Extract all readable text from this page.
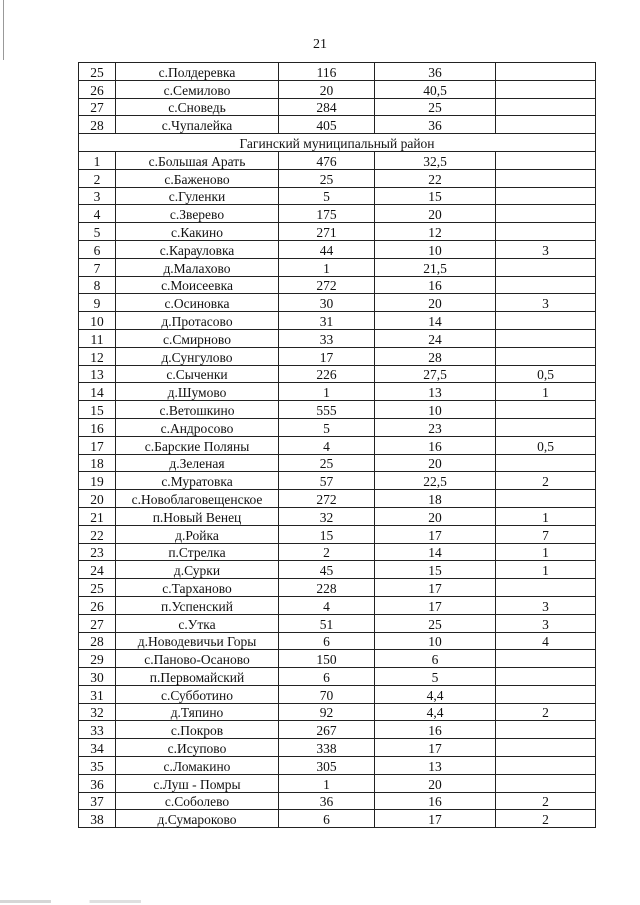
21
25	с.Полдеревка	116	36	
26	с.Семилово	20	40,5	
27	с.Сноведь	284	25	
28	с.Чупалейка	405	36	
Гагинский муниципальный район				
1	с.Большая Арать	476	32,5	
2	с.Баженово	25	22	
3	с.Гуленки	5	15	
4	с.Зверево	175	20	
5	с.Какино	271	12	
6	с.Карауловка	44	10	3
7	д.Малахово	1	21,5	
8	с.Моисеевка	272	16	
9	с.Осиновка	30	20	3
10	д.Протасово	31	14	
11	с.Смирново	33	24	
12	д.Сунгулово	17	28	
13	с.Сыченки	226	27,5	0,5
14	д.Шумово	1	13	1
15	с.Ветошкино	555	10	
16	с.Андросово	5	23	
17	с.Барские Поляны	4	16	0,5
18	д.Зеленая	25	20	
19	с.Муратовка	57	22,5	2
20	с.Новоблаговещенское	272	18	
21	п.Новый Венец	32	20	1
22	д.Ройка	15	17	7
23	п.Стрелка	2	14	1
24	д.Сурки	45	15	1
25	с.Тарханово	228	17	
26	п.Успенский	4	17	3
27	с.Утка	51	25	3
28	д.Новодевичьи Горы	6	10	4
29	с.Паново-Осаново	150	6	
30	п.Первомайский	6	5	
31	с.Субботино	70	4,4	
32	д.Тяпино	92	4,4	2
33	с.Покров	267	16	
34	с.Исупово	338	17	
35	с.Ломакино	305	13	
36	с.Луш - Помры	1	20	
37	с.Соболево	36	16	2
38	д.Сумароково	6	17	2
